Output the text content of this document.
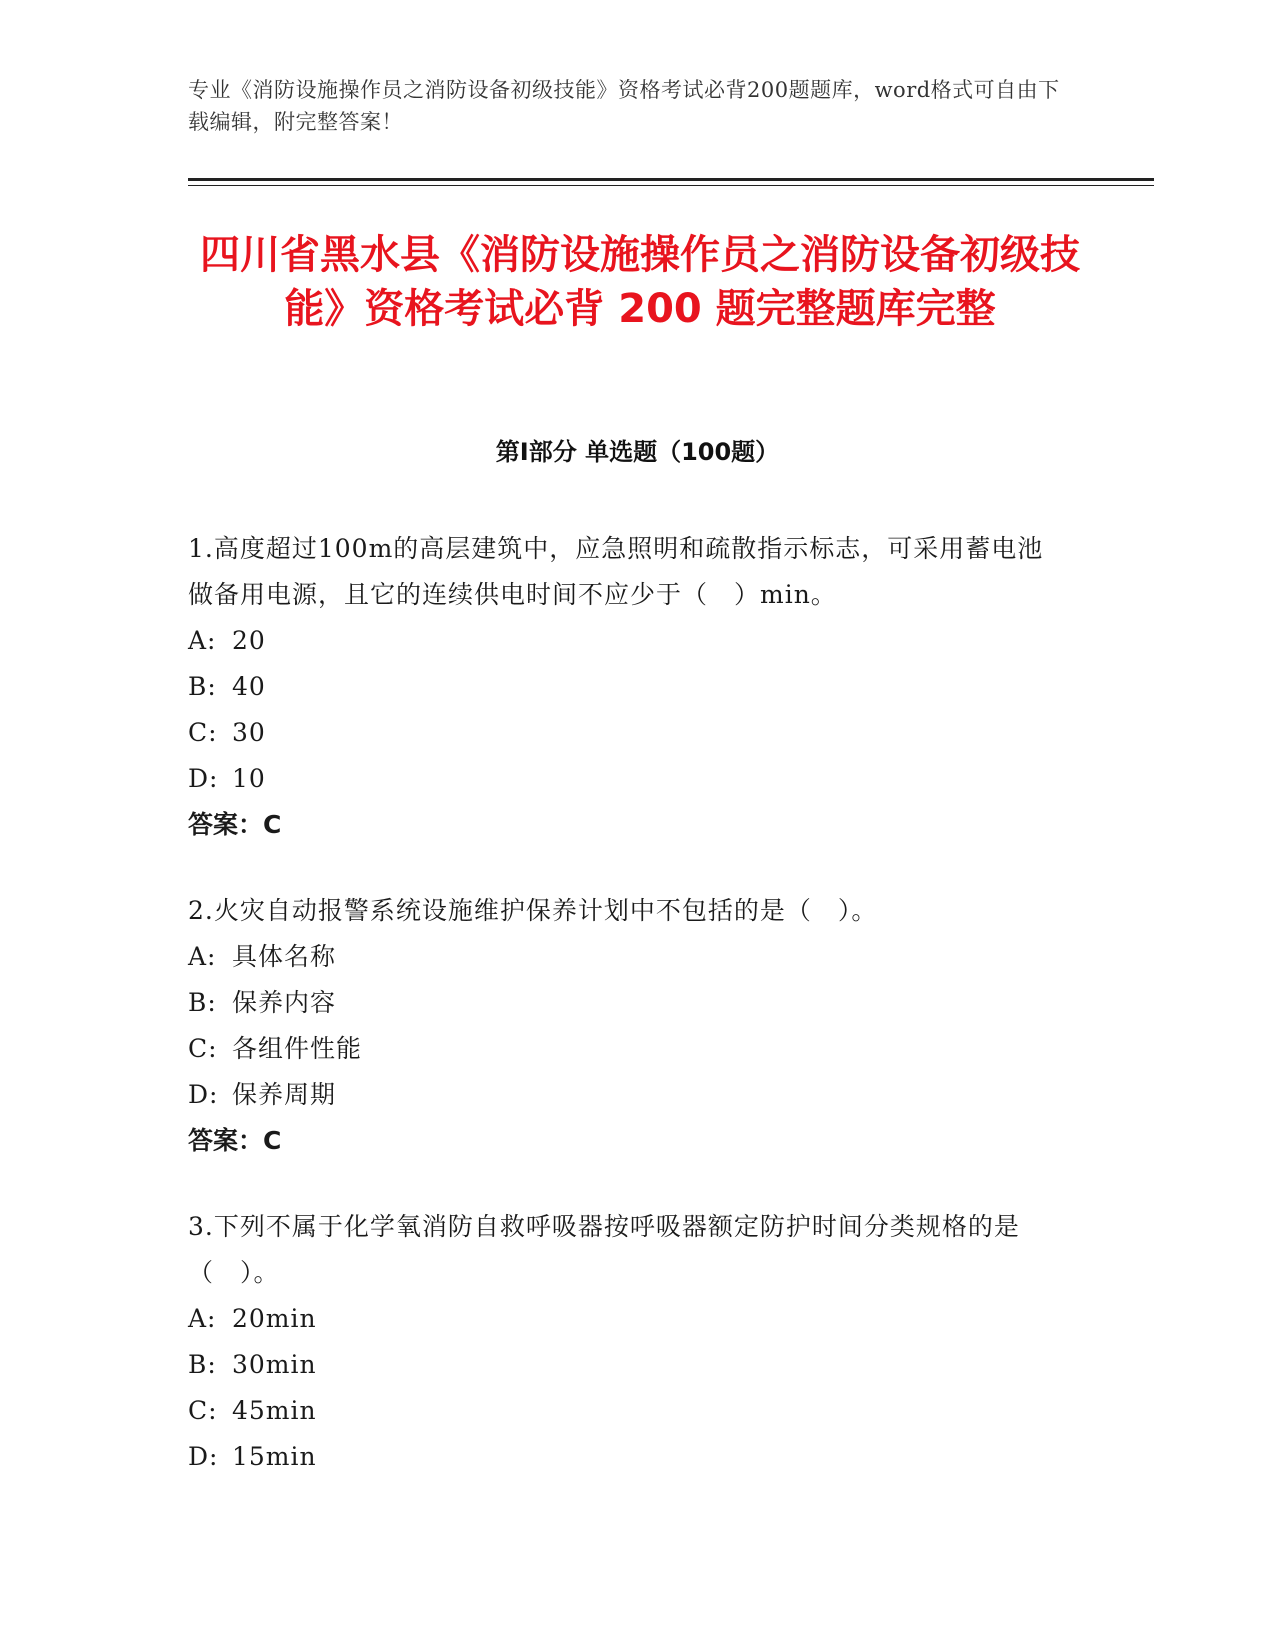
专业《消防设施操作员之消防设备初级技能》资格考试必背200题题库，word格式可自由下载编辑，附完整答案！
四川省黑水县《消防设施操作员之消防设备初级技能》资格考试必背 200 题完整题库完整
第Ⅰ部分 单选题（100题）

1.高度超过100m的高层建筑中，应急照明和疏散指示标志，可采用蓄电池做备用电源，且它的连续供电时间不应少于（　）min。

A: 20

B: 40

C: 30

D: 10

答案：C

2.火灾自动报警系统设施维护保养计划中不包括的是（　）。

A: 具体名称

B: 保养内容

C: 各组件性能

D: 保养周期

答案：C

3.下列不属于化学氧消防自救呼吸器按呼吸器额定防护时间分类规格的是（　）。

A: 20min

B: 30min

C: 45min

D: 15min
